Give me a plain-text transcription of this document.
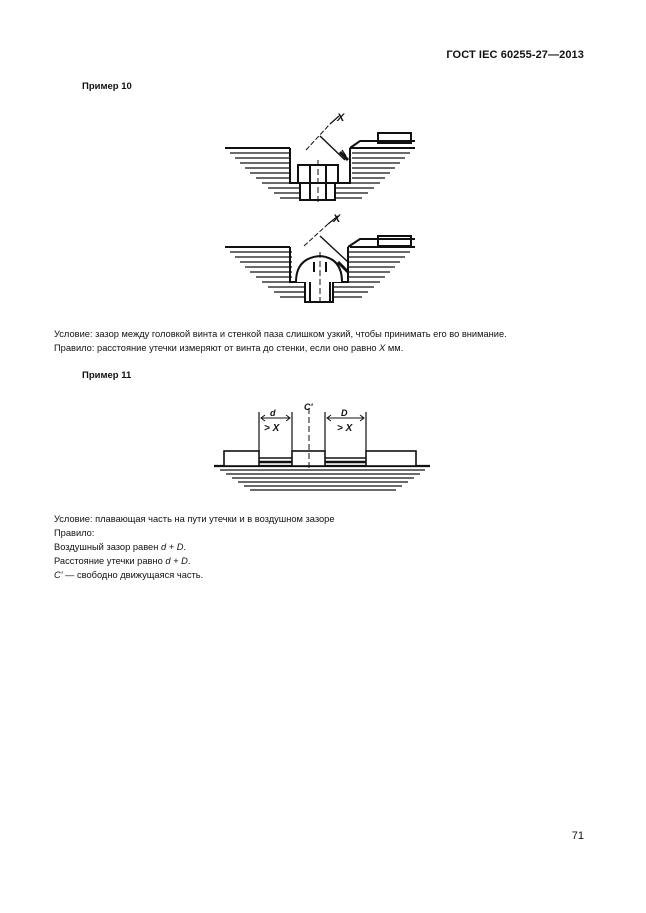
ГОСТ IEC 60255-27—2013
Пример 10
X
X
d	D
C'
> X	> X
Условие: зазор между головкой винта и стенкой паза слишком узкий, чтобы принимать его во внимание.
Правило: расстояние утечки измеряют от винта до стенки, если оно равно X мм.
Пример 11
Условие: плавающая часть на пути утечки и в воздушном зазоре
Правило:
Воздушный зазор равен d + D.
Расстояние утечки равно d + D.
C' — свободно движущаяся часть.
71
